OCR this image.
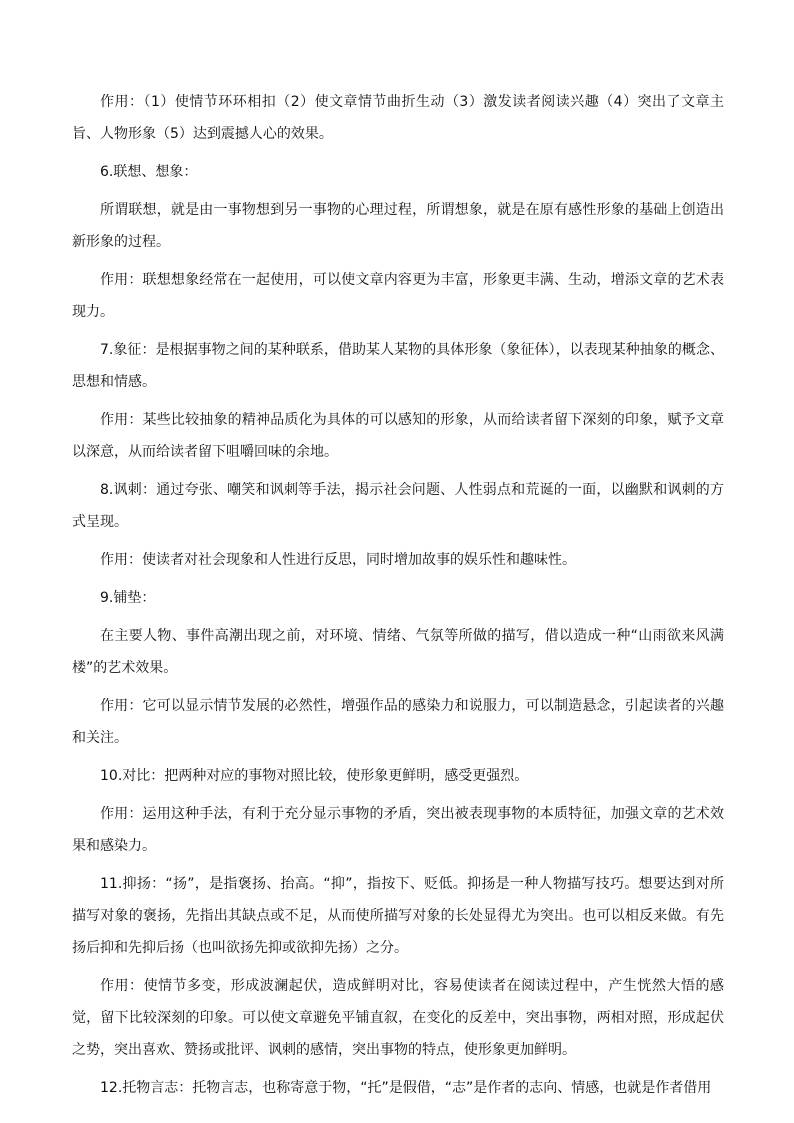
作用：（1）使情节环环相扣（2）使文章情节曲折生动（3）激发读者阅读兴趣（4）突出了文章主旨、人物形象（5）达到震撼人心的效果。

6.联想、想象：

所谓联想，就是由一事物想到另一事物的心理过程，所谓想象，就是在原有感性形象的基础上创造出新形象的过程。

作用：联想想象经常在一起使用，可以使文章内容更为丰富，形象更丰满、生动，增添文章的艺术表现力。

7.象征：是根据事物之间的某种联系，借助某人某物的具体形象（象征体），以表现某种抽象的概念、思想和情感。

作用：某些比较抽象的精神品质化为具体的可以感知的形象，从而给读者留下深刻的印象，赋予文章以深意，从而给读者留下咀嚼回味的余地。

8.讽刺：通过夸张、嘲笑和讽刺等手法，揭示社会问题、人性弱点和荒诞的一面，以幽默和讽刺的方式呈现。

作用：使读者对社会现象和人性进行反思，同时增加故事的娱乐性和趣味性。

9.铺垫：

在主要人物、事件高潮出现之前，对环境、情绪、气氛等所做的描写，借以造成一种“山雨欲来风满楼”的艺术效果。

作用：它可以显示情节发展的必然性，增强作品的感染力和说服力，可以制造悬念，引起读者的兴趣和关注。

10.对比：把两种对应的事物对照比较，使形象更鲜明，感受更强烈。

作用：运用这种手法，有利于充分显示事物的矛盾，突出被表现事物的本质特征，加强文章的艺术效果和感染力。

11.抑扬：“扬”，是指褒扬、抬高。“抑”，指按下、贬低。抑扬是一种人物描写技巧。想要达到对所描写对象的褒扬，先指出其缺点或不足，从而使所描写对象的长处显得尤为突出。也可以相反来做。有先扬后抑和先抑后扬（也叫欲扬先抑或欲抑先扬）之分。

作用：使情节多变，形成波澜起伏，造成鲜明对比，容易使读者在阅读过程中，产生恍然大悟的感觉，留下比较深刻的印象。可以使文章避免平铺直叙，在变化的反差中，突出事物，两相对照，形成起伏之势，突出喜欢、赞扬或批评、讽刺的感情，突出事物的特点，使形象更加鲜明。

12.托物言志：托物言志，也称寄意于物，“托”是假借，“志”是作者的志向、情感，也就是作者借用
